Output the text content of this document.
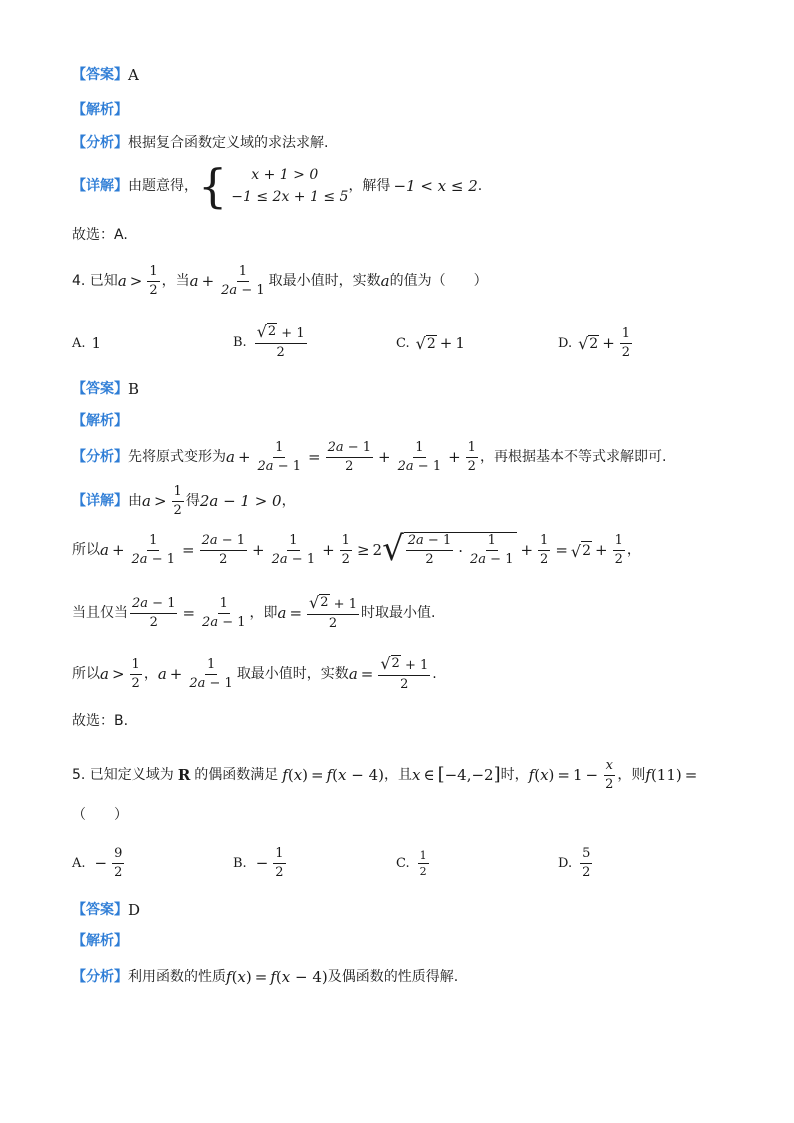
【答案】 A
【解析】
【分析】 根据复合函数定义域的求法求解.
【详解】 由题意得， {	x + 1 > 0
−1 ≤ 2x + 1 ≤ 5
，解得 −1 < x ≤ 2 .
故选：A.
4. 已知 $a > \frac{1}{2}$ ，当 $a + \frac{1}{2a - 1}$ 取最小值时，实数 a 的值为（　　）
A. 1	B. $\frac{√ 2 + 1}{2}$	C. √ 2 + 1	D. √ $2 + \frac{1}{2}$
【答案】 B
【解析】
【分析】 先将原式变形为 $a + \frac{1}{2a - 1} = \frac{2a - 1}{2} + \frac{1}{2a - 1} + \frac{1}{2}$ ，再根据基本不等式求解即可.
【详解】 由 $a > \frac{1}{2}$ 得 2a − 1 > 0 ，
所以 $a + \frac{1}{2a - 1} = \frac{2a - 1}{2} + \frac{1}{2a - 1} + \frac{1}{2} \ge 2$ √ $\frac{2a - 1}{2} \cdot \frac{1}{2a - 1} + \frac{1}{2}$ = √ $2 + \frac{1}{2}$ ，
当且仅当 $\frac{2a - 1}{2} = \frac{1}{2a - 1}$ ，即 $a = \frac{√ 2 + 1}{2}$ 时取最小值.
所以 $a > \frac{1}{2}$ ， $a + \frac{1}{2a - 1}$ 取最小值时，实数 $a = \frac{√ 2 + 1}{2}$ .
故选：B.
5. 已知定义域为 R 的偶函数满足 f ( x ) = f ( x − 4) ，且 x ∈ [ −4,−2 ] 时， f ( x ) = $1 - \frac{x}{2}$ ，则 f (11) =
（　　）
A. − $\frac{9}{2}$	B. − $\frac{1}{2}$	C. $\frac{1}{2}$	D. $\frac{5}{2}$
【答案】 D
【解析】
【分析】 利用函数的性质 f ( x ) = f ( x − 4) 及偶函数的性质得解.
